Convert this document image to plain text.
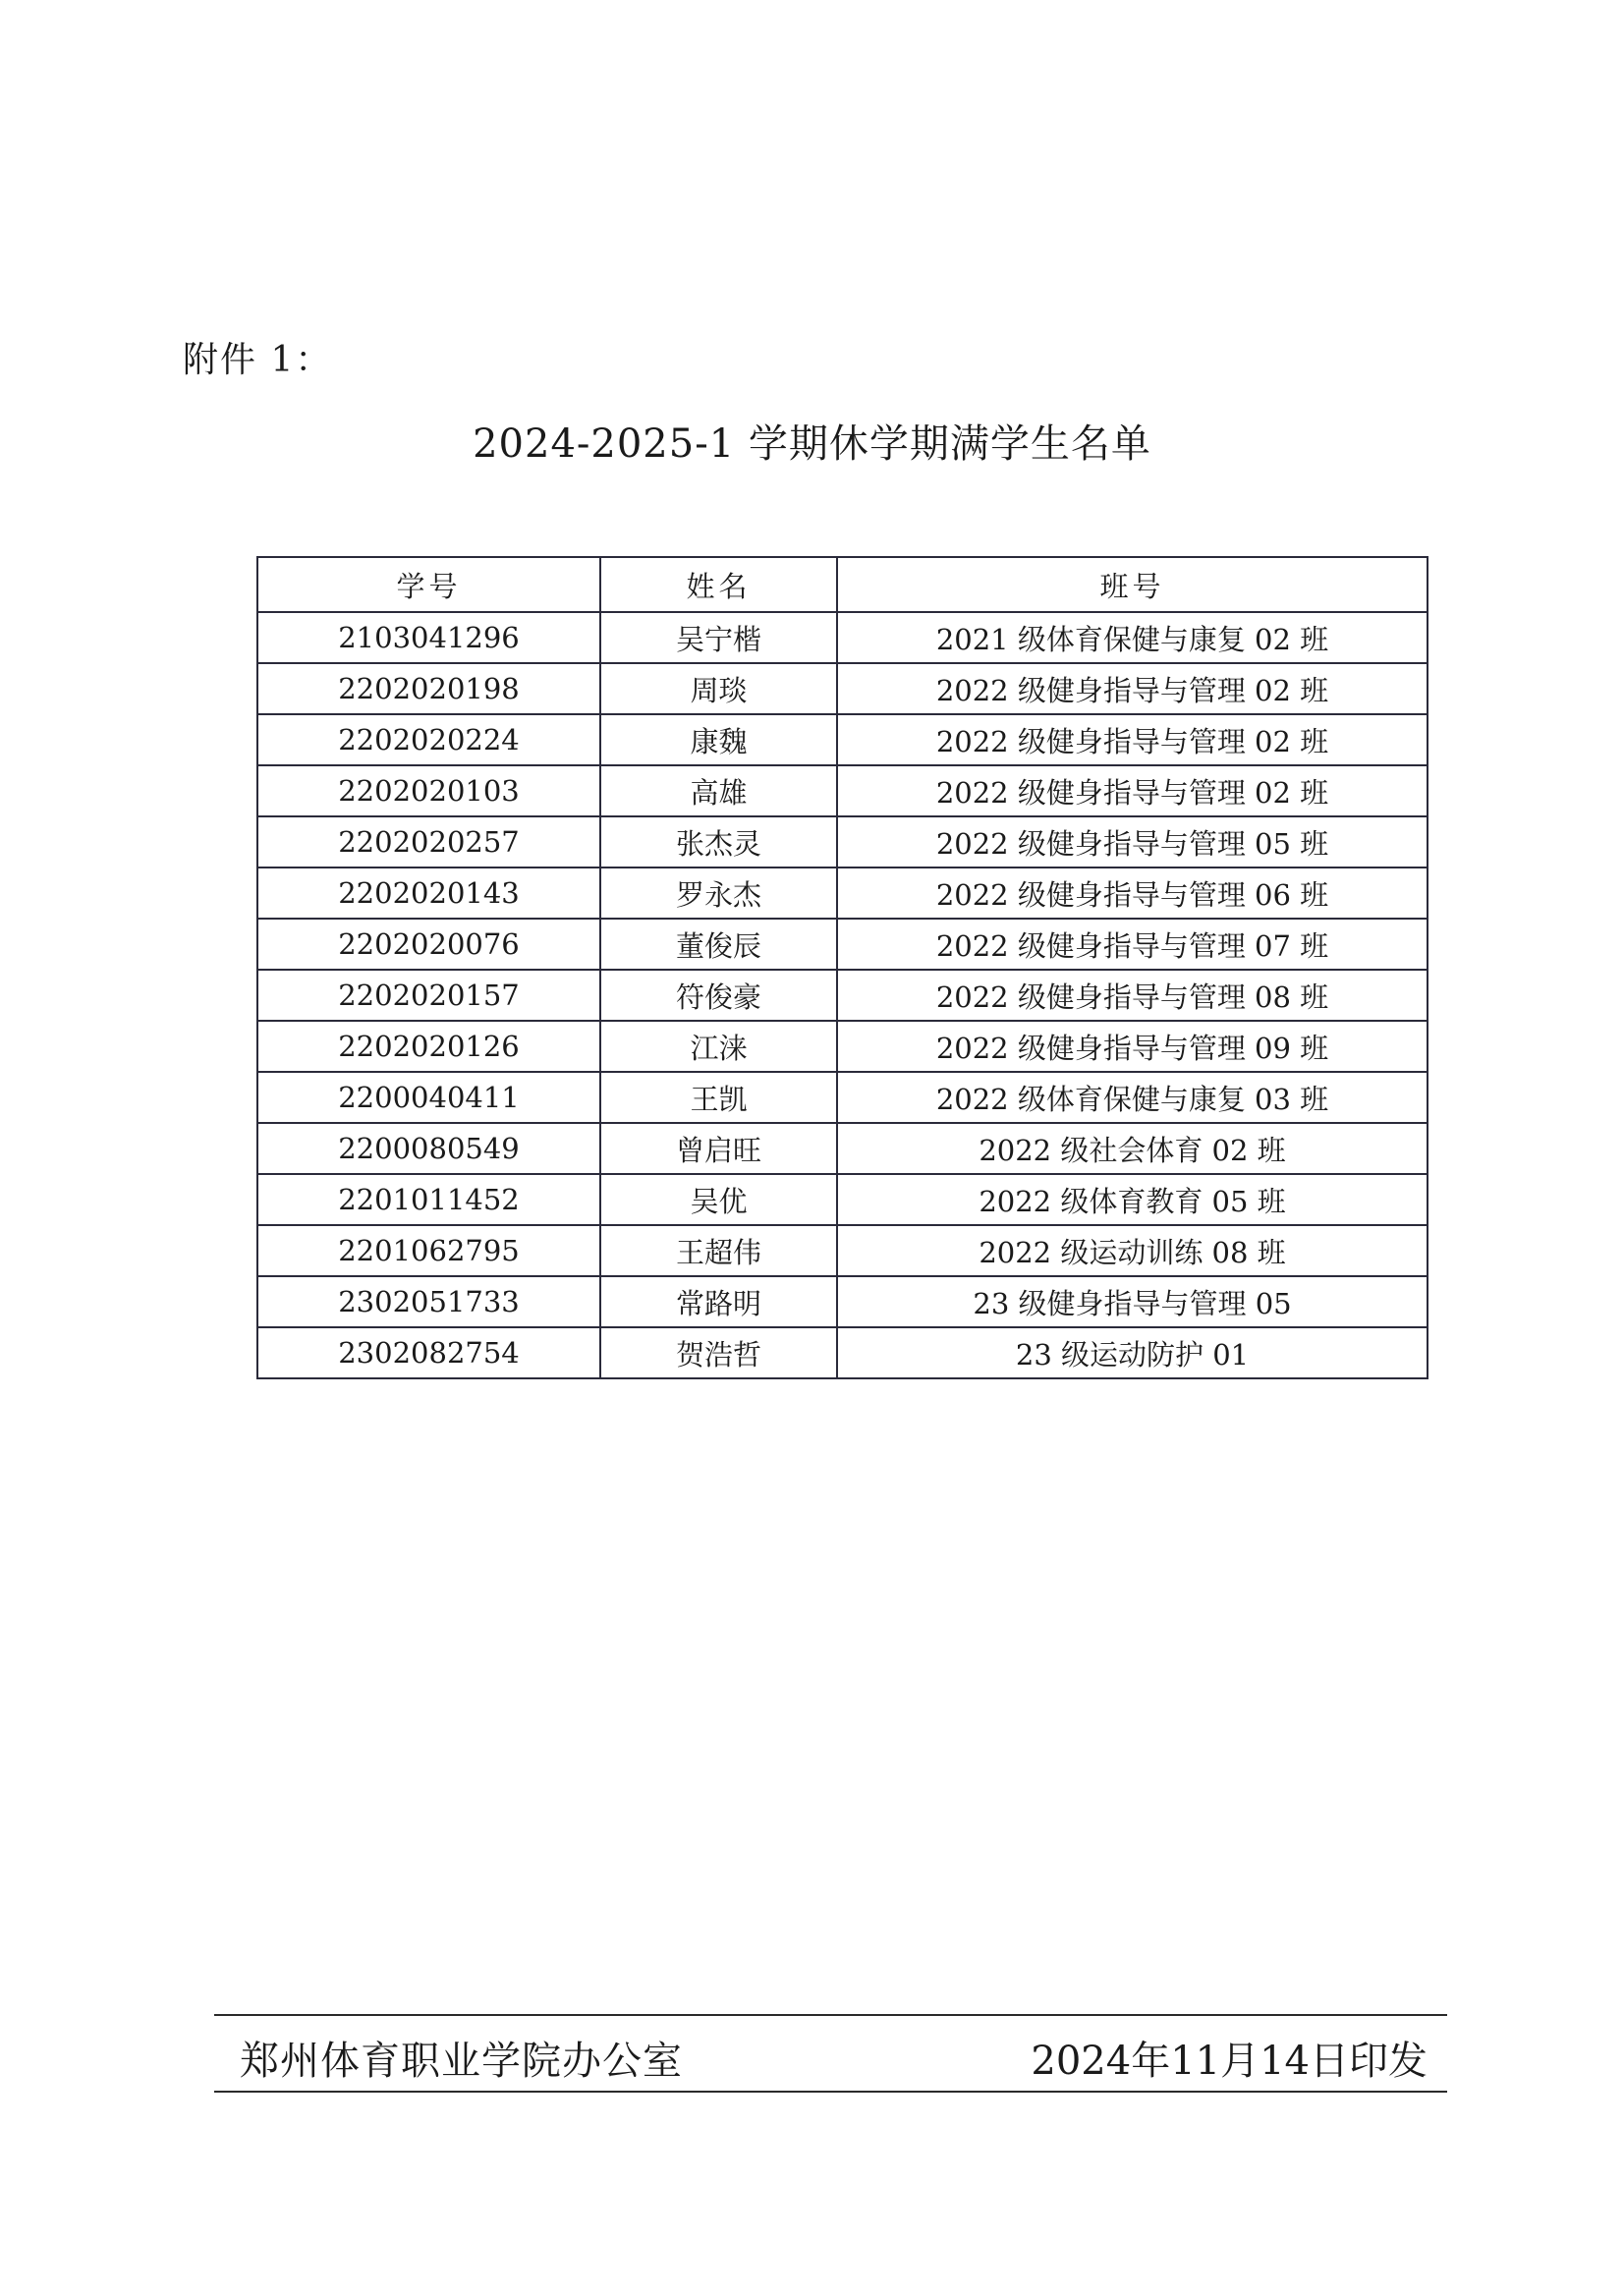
附件 1：
2024-2025-1 学期休学期满学生名单
学号	姓名	班号
2103041296	吴宁楷	2021 级体育保健与康复 02 班
2202020198	周琰	2022 级健身指导与管理 02 班
2202020224	康魏	2022 级健身指导与管理 02 班
2202020103	高雄	2022 级健身指导与管理 02 班
2202020257	张杰灵	2022 级健身指导与管理 05 班
2202020143	罗永杰	2022 级健身指导与管理 06 班
2202020076	董俊辰	2022 级健身指导与管理 07 班
2202020157	符俊豪	2022 级健身指导与管理 08 班
2202020126	江涞	2022 级健身指导与管理 09 班
2200040411	王凯	2022 级体育保健与康复 03 班
2200080549	曾启旺	2022 级社会体育 02 班
2201011452	吴优	2022 级体育教育 05 班
2201062795	王超伟	2022 级运动训练 08 班
2302051733	常路明	23 级健身指导与管理 05
2302082754	贺浩哲	23 级运动防护 01
郑州体育职业学院办公室	2024年11月14日印发
